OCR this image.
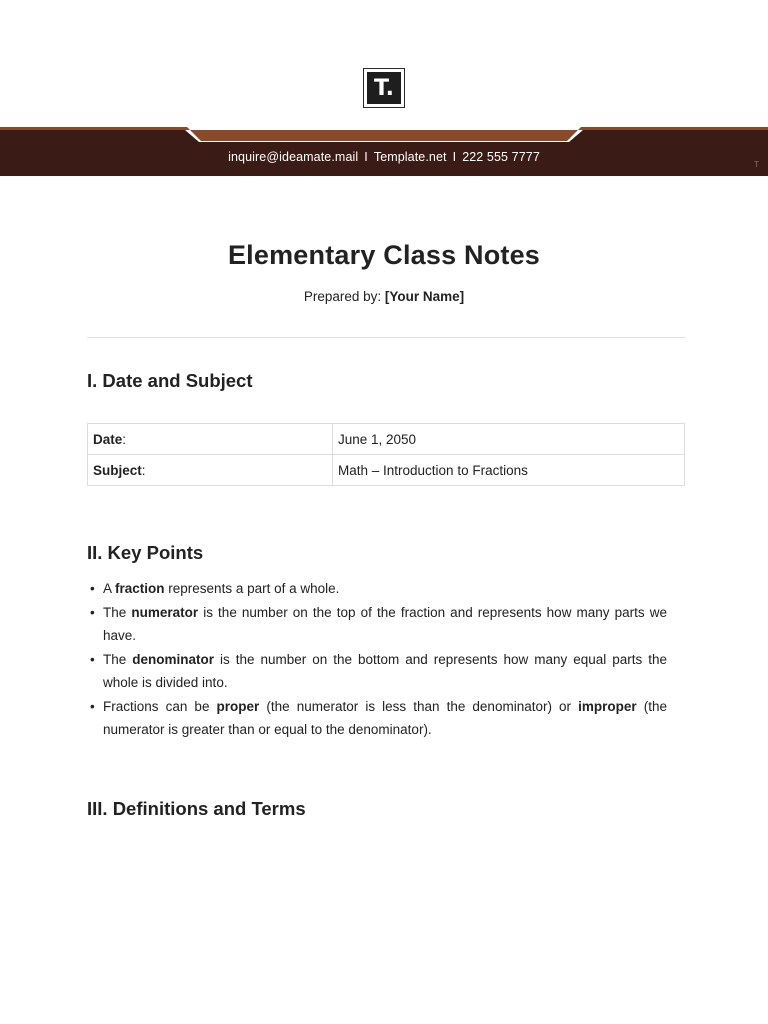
T.
inquire@ideamate.mail I Template.net I 222 555 7777
T
Elementary Class Notes
Prepared by: [Your Name]
I. Date and Subject
Date:	June 1, 2050
Subject:	Math – Introduction to Fractions
II. Key Points
• A fraction represents a part of a whole.
• The numerator is the number on the top of the fraction and represents how many parts we have.
• The denominator is the number on the bottom and represents how many equal parts the whole is divided into.
• Fractions can be proper (the numerator is less than the denominator) or improper (the numerator is greater than or equal to the denominator).
III. Definitions and Terms
